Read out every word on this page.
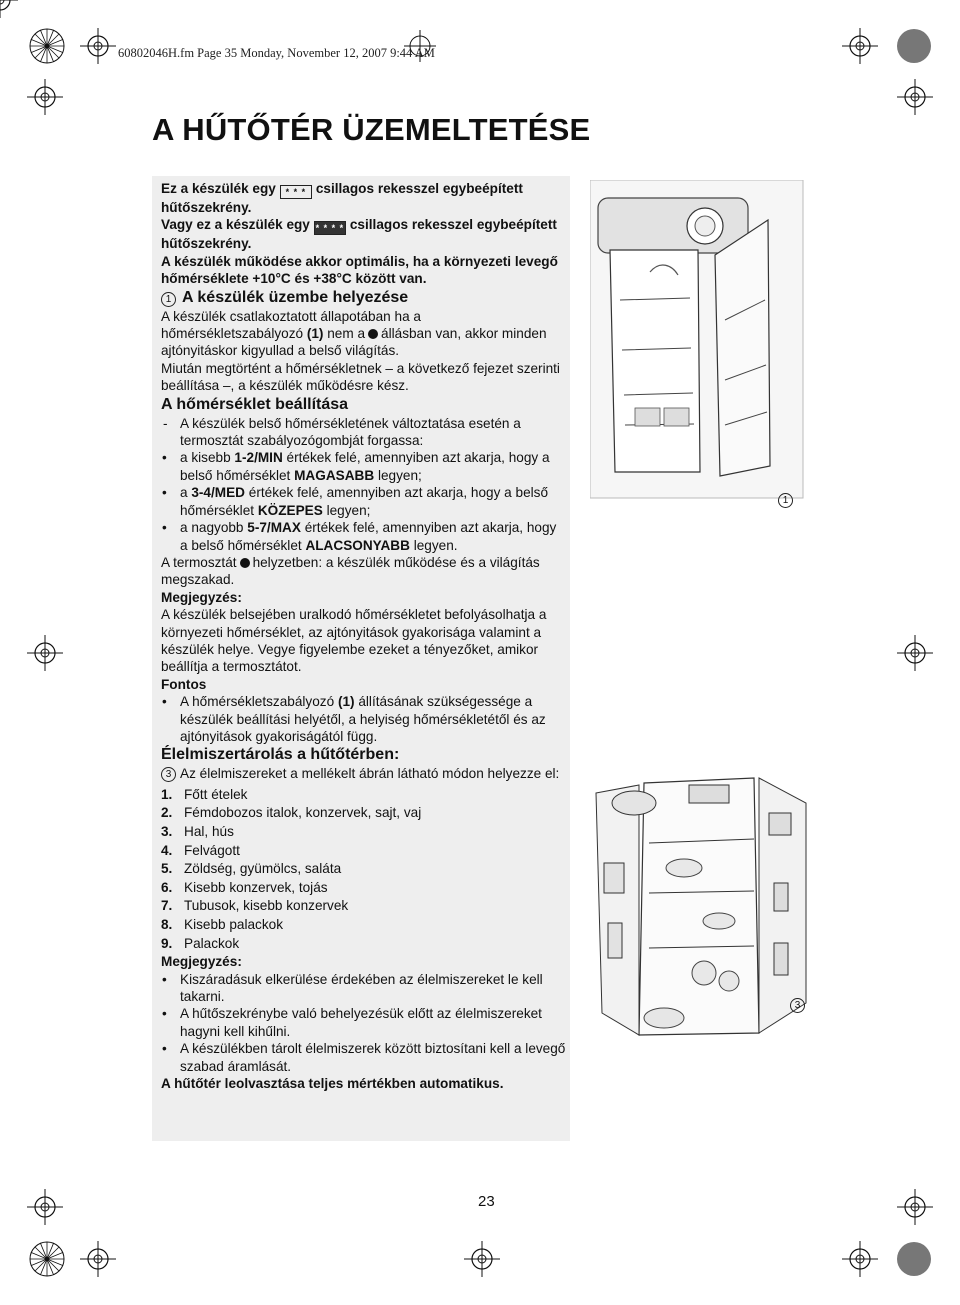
60802046H.fm Page 35 Monday, November 12, 2007 9:44 AM
A HŰTŐTÉR ÜZEMELTETÉSE

Ez a készülék egy * * * csillagos rekesszel egybeépített hűtőszekrény.

Vagy ez a készülék egy * * * * csillagos rekesszel egybeépített hűtőszekrény.

A készülék működése akkor optimális, ha a környezeti levegő hőmérséklete +10°C és +38°C között van.

1 A készülék üzembe helyezése

A készülék csatlakoztatott állapotában ha a hőmérsékletszabályozó (1) nem a állásban van, akkor minden ajtónyitáskor kigyullad a belső világítás.

Miután megtörtént a hőmérsékletnek – a következő fejezet szerinti beállítása –, a készülék működésre kész.

A hőmérséklet beállítása

- A készülék belső hőmérsékletének változtatása esetén a termosztát szabályozógombját forgassa:

• a kisebb 1-2/MIN értékek felé, amennyiben azt akarja, hogy a belső hőmérséklet MAGASABB legyen;

• a 3-4/MED értékek felé, amennyiben azt akarja, hogy a belső hőmérséklet KÖZEPES legyen;

• a nagyobb 5-7/MAX értékek felé, amennyiben azt akarja, hogy a belső hőmérséklet ALACSONYABB legyen.

A termosztát helyzetben: a készülék működése és a világítás megszakad.

Megjegyzés:

A készülék belsejében uralkodó hőmérsékletet befolyásolhatja a környezeti hőmérséklet, az ajtónyitások gyakorisága valamint a készülék helye. Vegye figyelembe ezeket a tényezőket, amikor beállítja a termosztátot.

Fontos

• A hőmérsékletszabályozó (1) állításának szükségessége a készülék beállítási helyétől, a helyiség hőmérsékletétől és az ajtónyitások gyakoriságától függ.

Élelmiszertárolás a hűtőtérben:

3 Az élelmiszereket a mellékelt ábrán látható módon helyezze el:

1. Főtt ételek

2. Fémdobozos italok, konzervek, sajt, vaj

3. Hal, hús

4. Felvágott

5. Zöldség, gyümölcs, saláta

6. Kisebb konzervek, tojás

7. Tubusok, kisebb konzervek

8. Kisebb palackok

9. Palackok

Megjegyzés:

• Kiszáradásuk elkerülése érdekében az élelmiszereket le kell takarni.

• A hűtőszekrénybe való behelyezésük előtt az élelmiszereket hagyni kell kihűlni.

• A készülékben tárolt élelmiszerek között biztosítani kell a levegő szabad áramlását.

A hűtőtér leolvasztása teljes mértékben automatikus.

1
3
23
